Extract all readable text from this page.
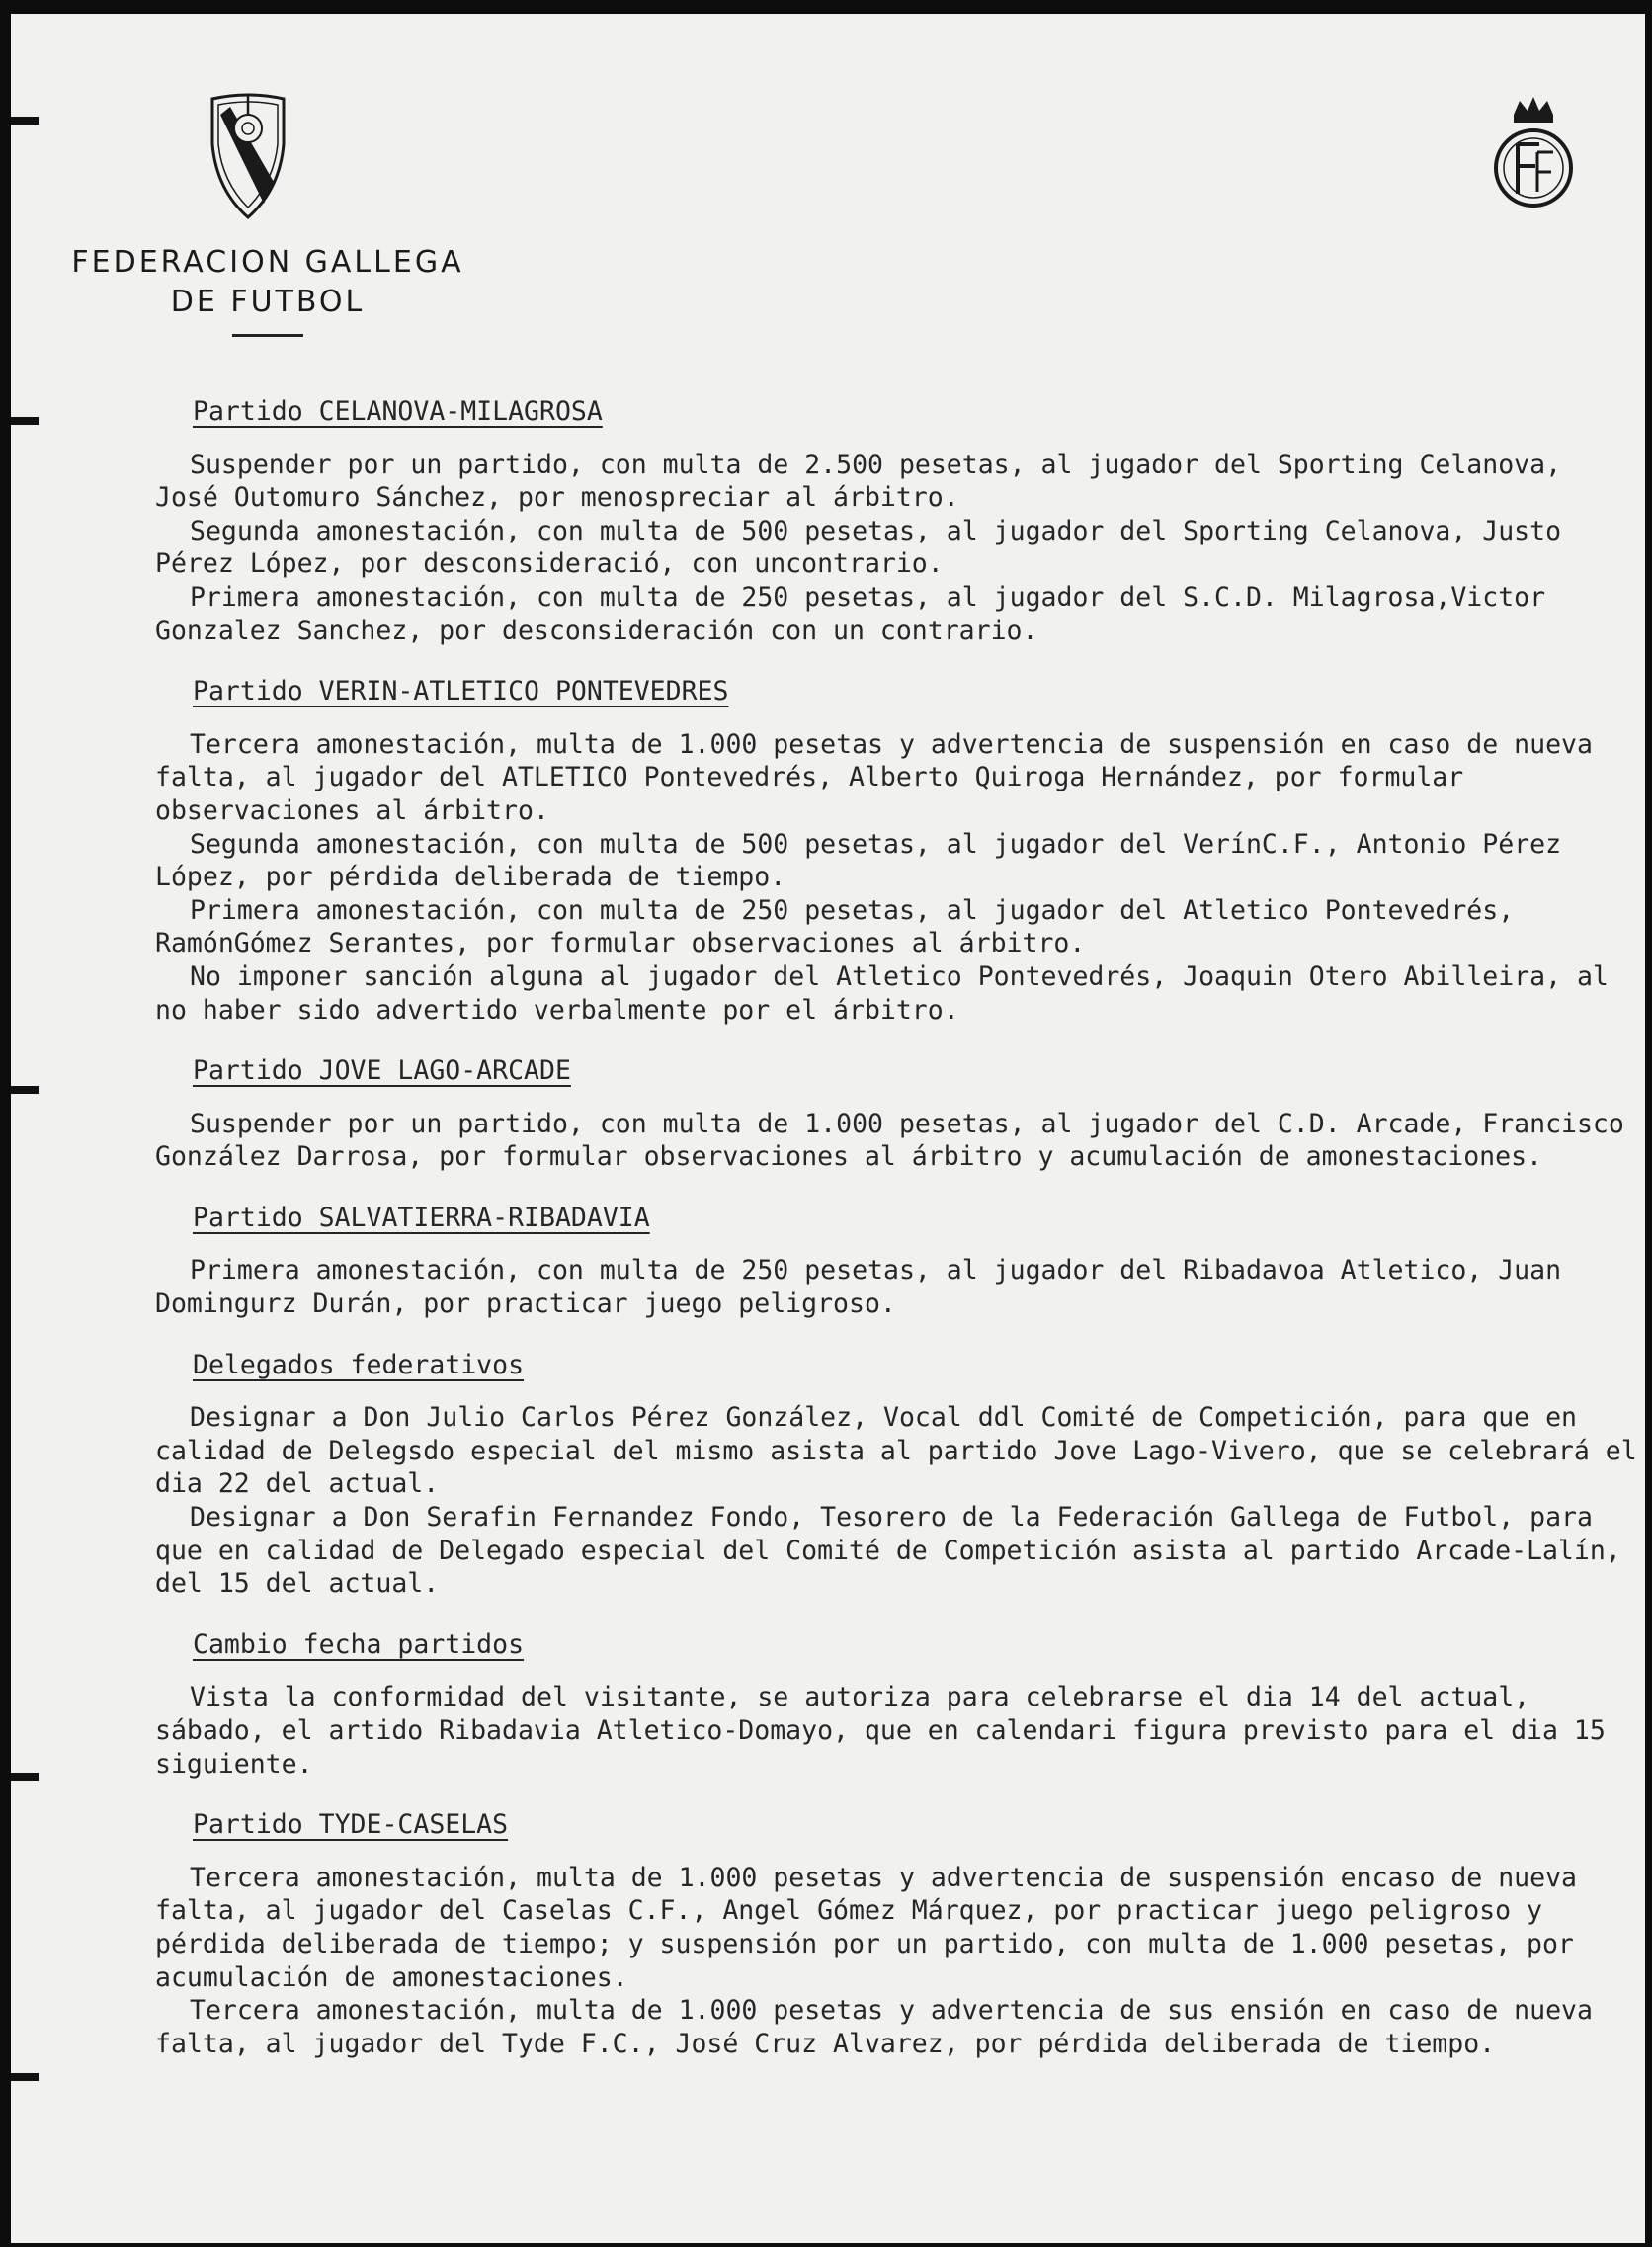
FEDERACION GALLEGA
DE FUTBOL
Partido CELANOVA-MILAGROSA
Suspender por un partido, con multa de 2.500 pesetas, al jugador del Sporting Celanova, José Outomuro Sánchez, por menospreciar al árbitro.
Segunda amonestación, con multa de 500 pesetas, al jugador del Sporting Celanova, Justo Pérez López, por desconsideració, con uncontrario.
Primera amonestación, con multa de 250 pesetas, al jugador del S.C.D. Milagrosa,Victor Gonzalez Sanchez, por desconsideración con un contrario.
Partido VERIN-ATLETICO PONTEVEDRES
Tercera amonestación, multa de 1.000 pesetas y advertencia de suspensión en caso de nueva falta, al jugador del ATLETICO Pontevedrés, Alberto Quiroga Hernández, por formular observaciones al árbitro.
Segunda amonestación, con multa de 500 pesetas, al jugador del VerínC.F., Antonio Pérez López, por pérdida deliberada de tiempo.
Primera amonestación, con multa de 250 pesetas, al jugador del Atletico Pontevedrés, RamónGómez Serantes, por formular observaciones al árbitro.
No imponer sanción alguna al jugador del Atletico Pontevedrés, Joaquin Otero Abilleira, al no haber sido advertido verbalmente por el árbitro.
Partido JOVE LAGO-ARCADE
Suspender por un partido, con multa de 1.000 pesetas, al jugador del C.D. Arcade, Francisco González Darrosa, por formular observaciones al árbitro y acumulación de amonestaciones.
Partido SALVATIERRA-RIBADAVIA
Primera amonestación, con multa de 250 pesetas, al jugador del Ribadavoa Atletico, Juan Domingurz Durán, por practicar juego peligroso.
Delegados federativos
Designar a Don Julio Carlos Pérez González, Vocal ddl Comité de Competición, para que en calidad de Delegsdo especial del mismo asista al partido Jove Lago-Vivero, que se celebrará el dia 22 del actual.
Designar a Don Serafin Fernandez Fondo, Tesorero de la Federación Gallega de Futbol, para que en calidad de Delegado especial del Comité de Competición asista al partido Arcade-Lalín, del 15 del actual.
Cambio fecha partidos
Vista la conformidad del visitante, se autoriza para celebrarse el dia 14 del actual, sábado, el artido Ribadavia Atletico-Domayo, que en calendari figura previsto para el dia 15 siguiente.
Partido TYDE-CASELAS
Tercera amonestación, multa de 1.000 pesetas y advertencia de suspensión encaso de nueva falta, al jugador del Caselas C.F., Angel Gómez Márquez, por practicar juego peligroso y pérdida deliberada de tiempo; y suspensión por un partido, con multa de 1.000 pesetas, por acumulación de amonestaciones.
Tercera amonestación, multa de 1.000 pesetas y advertencia de sus ensión en caso de nueva falta, al jugador del Tyde F.C., José Cruz Alvarez, por pérdida deliberada de tiempo.
